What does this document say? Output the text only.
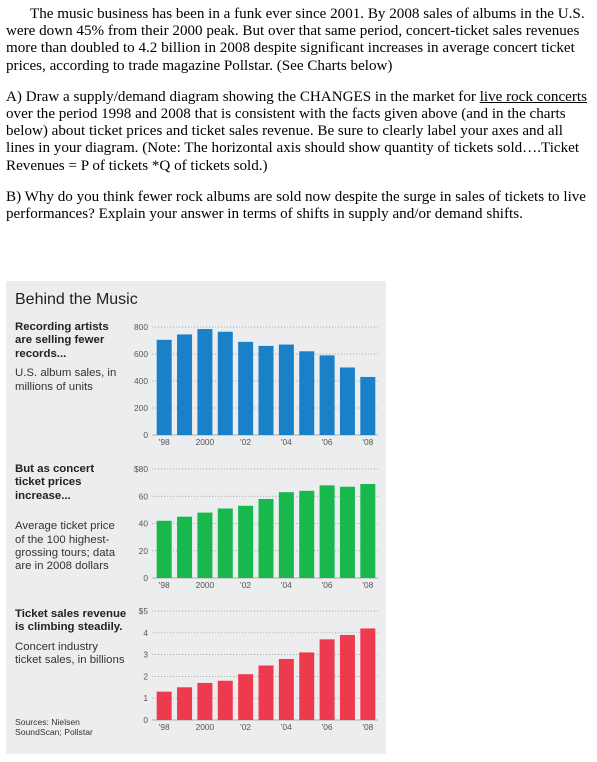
The music business has been in a funk ever since 2001. By 2008 sales of albums in the U.S. were down 45% from their 2000 peak. But over that same period, concert-ticket sales revenues more than doubled to 4.2 billion in 2008 despite significant increases in average concert ticket prices, according to trade magazine Pollstar. (See Charts below)

A) Draw a supply/demand diagram showing the CHANGES in the market for live rock concerts over the period 1998 and 2008 that is consistent with the facts given above (and in the charts below) about ticket prices and ticket sales revenue. Be sure to clearly label your axes and all lines in your diagram. (Note: The horizontal axis should show quantity of tickets sold….Ticket Revenues = P of tickets *Q of tickets sold.)

B) Why do you think fewer rock albums are sold now despite the surge in sales of tickets to live performances? Explain your answer in terms of shifts in supply and/or demand shifts.

Behind the Music
Recording artists are selling fewer records...
U.S. album sales, in millions of units
But as concert ticket prices increase...
Average ticket price of the 100 highest-grossing tours; data are in 2008 dollars
Ticket sales revenue is climbing steadily.
Concert industry ticket sales, in billions
Sources: Nielsen
SoundScan; Pollstar
0
200
400
600
800
'98	2000	'02	'04	'06	'08
0
20
40
60
$80
'98	2000	'02	'04	'06	'08
0
1
2
3
4
$5
'98	2000	'02	'04	'06	'08
